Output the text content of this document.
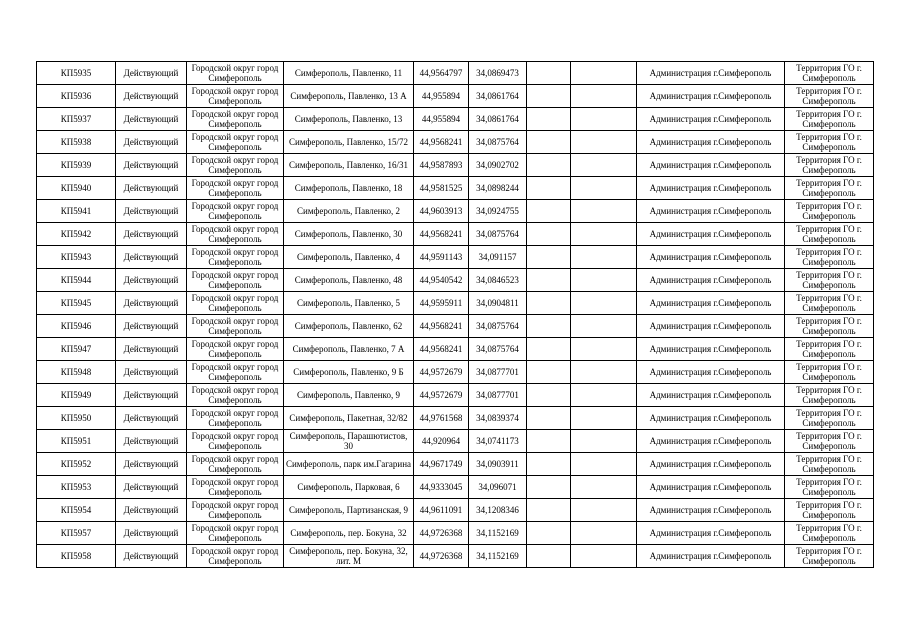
КП5935	Действующий	Городской округ город Симферополь	Симферополь, Павленко, 11	44,9564797	34,0869473			Администрация г.Симферополь	Территория ГО г. Симферополь
КП5936	Действующий	Городской округ город Симферополь	Симферополь, Павленко, 13 А	44,955894	34,0861764			Администрация г.Симферополь	Территория ГО г. Симферополь
КП5937	Действующий	Городской округ город Симферополь	Симферополь, Павленко, 13	44,955894	34,0861764			Администрация г.Симферополь	Территория ГО г. Симферополь
КП5938	Действующий	Городской округ город Симферополь	Симферополь, Павленко, 15/72	44,9568241	34,0875764			Администрация г.Симферополь	Территория ГО г. Симферополь
КП5939	Действующий	Городской округ город Симферополь	Симферополь, Павленко, 16/31	44,9587893	34,0902702			Администрация г.Симферополь	Территория ГО г. Симферополь
КП5940	Действующий	Городской округ город Симферополь	Симферополь, Павленко, 18	44,9581525	34,0898244			Администрация г.Симферополь	Территория ГО г. Симферополь
КП5941	Действующий	Городской округ город Симферополь	Симферополь, Павленко, 2	44,9603913	34,0924755			Администрация г.Симферополь	Территория ГО г. Симферополь
КП5942	Действующий	Городской округ город Симферополь	Симферополь, Павленко, 30	44,9568241	34,0875764			Администрация г.Симферополь	Территория ГО г. Симферополь
КП5943	Действующий	Городской округ город Симферополь	Симферополь, Павленко, 4	44,9591143	34,091157			Администрация г.Симферополь	Территория ГО г. Симферополь
КП5944	Действующий	Городской округ город Симферополь	Симферополь, Павленко, 48	44,9540542	34,0846523			Администрация г.Симферополь	Территория ГО г. Симферополь
КП5945	Действующий	Городской округ город Симферополь	Симферополь, Павленко, 5	44,9595911	34,0904811			Администрация г.Симферополь	Территория ГО г. Симферополь
КП5946	Действующий	Городской округ город Симферополь	Симферополь, Павленко, 62	44,9568241	34,0875764			Администрация г.Симферополь	Территория ГО г. Симферополь
КП5947	Действующий	Городской округ город Симферополь	Симферополь, Павленко, 7 А	44,9568241	34,0875764			Администрация г.Симферополь	Территория ГО г. Симферополь
КП5948	Действующий	Городской округ город Симферополь	Симферополь, Павленко, 9 Б	44,9572679	34,0877701			Администрация г.Симферополь	Территория ГО г. Симферополь
КП5949	Действующий	Городской округ город Симферополь	Симферополь, Павленко, 9	44,9572679	34,0877701			Администрация г.Симферополь	Территория ГО г. Симферополь
КП5950	Действующий	Городской округ город Симферополь	Симферополь, Пакетная, 32/82	44,9761568	34,0839374			Администрация г.Симферополь	Территория ГО г. Симферополь
КП5951	Действующий	Городской округ город Симферополь	Симферополь, Парашютистов, 30	44,920964	34,0741173			Администрация г.Симферополь	Территория ГО г. Симферополь
КП5952	Действующий	Городской округ город Симферополь	Симферополь, парк им.Гагарина	44,9671749	34,0903911			Администрация г.Симферополь	Территория ГО г. Симферополь
КП5953	Действующий	Городской округ город Симферополь	Симферополь, Парковая, 6	44,9333045	34,096071			Администрация г.Симферополь	Территория ГО г. Симферополь
КП5954	Действующий	Городской округ город Симферополь	Симферополь, Партизанская, 9	44,9611091	34,1208346			Администрация г.Симферополь	Территория ГО г. Симферополь
КП5957	Действующий	Городской округ город Симферополь	Симферополь, пер. Бокуна, 32	44,9726368	34,1152169			Администрация г.Симферополь	Территория ГО г. Симферополь
КП5958	Действующий	Городской округ город Симферополь	Симферополь, пер. Бокуна, 32, лит. М	44,9726368	34,1152169			Администрация г.Симферополь	Территория ГО г. Симферополь
